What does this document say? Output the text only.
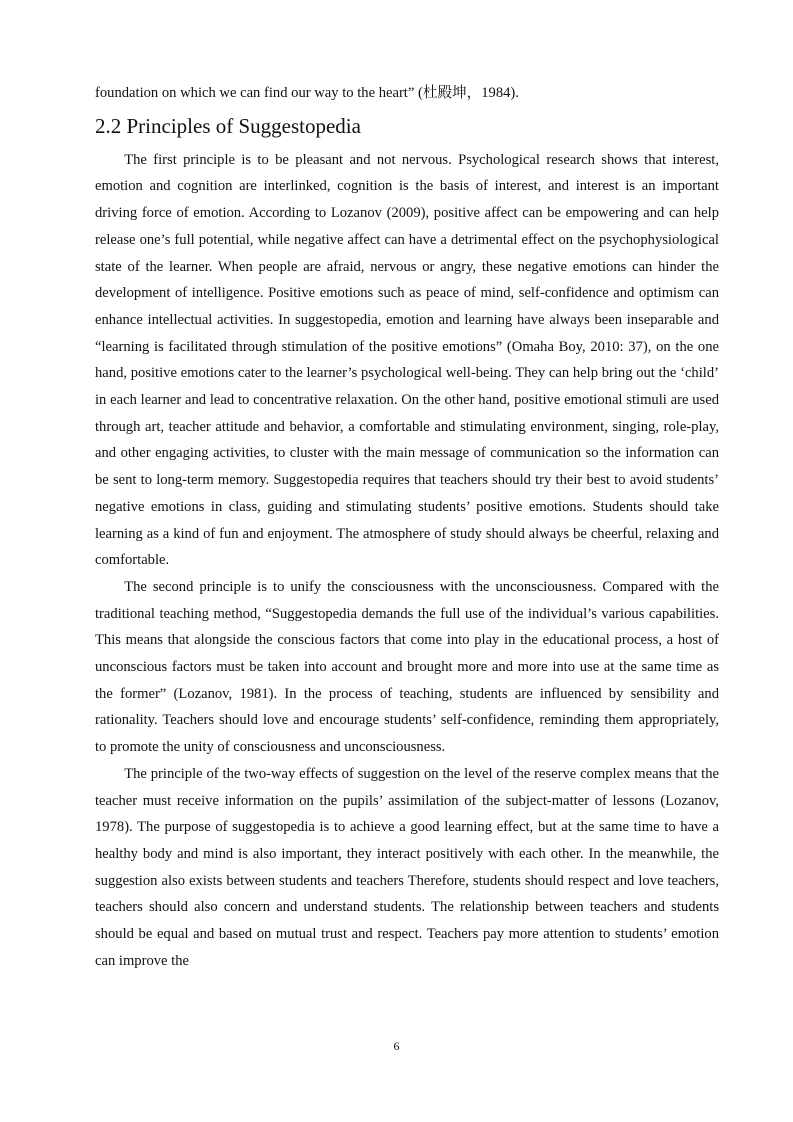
foundation on which we can find our way to the heart” (杜殿坤，1984).

2.2 Principles of Suggestopedia

The first principle is to be pleasant and not nervous. Psychological research shows that interest, emotion and cognition are interlinked, cognition is the basis of interest, and interest is an important driving force of emotion. According to Lozanov (2009), positive affect can be empowering and can help release one’s full potential, while negative affect can have a detrimental effect on the psychophysiological state of the learner. When people are afraid, nervous or angry, these negative emotions can hinder the development of intelligence. Positive emotions such as peace of mind, self-confidence and optimism can enhance intellectual activities. In suggestopedia, emotion and learning have always been inseparable and “learning is facilitated through stimulation of the positive emotions” (Omaha Boy, 2010: 37), on the one hand, positive emotions cater to the learner’s psychological well-being. They can help bring out the ‘child’ in each learner and lead to concentrative relaxation. On the other hand, positive emotional stimuli are used through art, teacher attitude and behavior, a comfortable and stimulating environment, singing, role-play, and other engaging activities, to cluster with the main message of communication so the information can be sent to long-term memory. Suggestopedia requires that teachers should try their best to avoid students’ negative emotions in class, guiding and stimulating students’ positive emotions. Students should take learning as a kind of fun and enjoyment. The atmosphere of study should always be cheerful, relaxing and comfortable.

The second principle is to unify the consciousness with the unconsciousness. Compared with the traditional teaching method, “Suggestopedia demands the full use of the individual’s various capabilities. This means that alongside the conscious factors that come into play in the educational process, a host of unconscious factors must be taken into account and brought more and more into use at the same time as the former” (Lozanov, 1981). In the process of teaching, students are influenced by sensibility and rationality. Teachers should love and encourage students’ self-confidence, reminding them appropriately, to promote the unity of consciousness and unconsciousness.

The principle of the two-way effects of suggestion on the level of the reserve complex means that the teacher must receive information on the pupils’ assimilation of the subject-matter of lessons (Lozanov, 1978). The purpose of suggestopedia is to achieve a good learning effect, but at the same time to have a healthy body and mind is also important, they interact positively with each other. In the meanwhile, the suggestion also exists between students and teachers Therefore, students should respect and love teachers, teachers should also concern and understand students. The relationship between teachers and students should be equal and based on mutual trust and respect. Teachers pay more attention to students’ emotion can improve the

6
